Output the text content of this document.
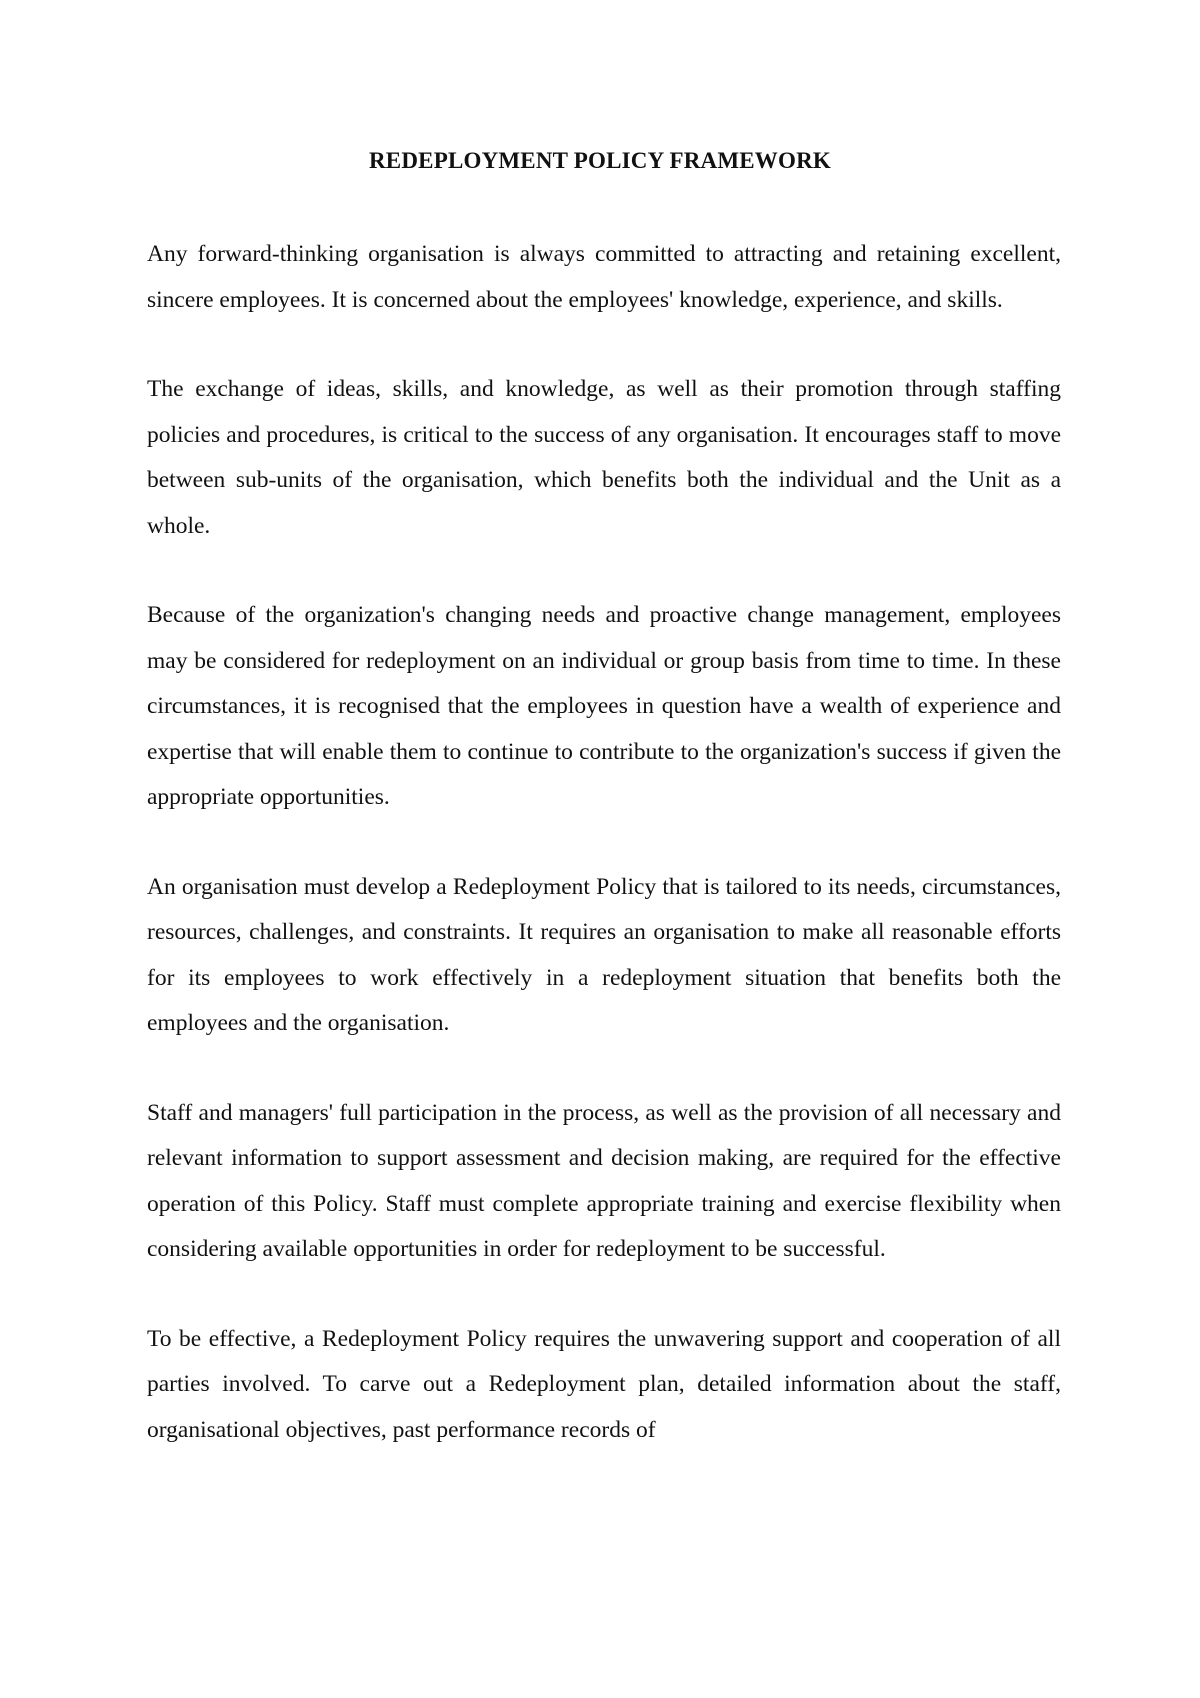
REDEPLOYMENT POLICY FRAMEWORK

Any forward-thinking organisation is always committed to attracting and retaining excellent, sincere employees. It is concerned about the employees' knowledge, experience, and skills.

The exchange of ideas, skills, and knowledge, as well as their promotion through staffing policies and procedures, is critical to the success of any organisation. It encourages staff to move between sub-units of the organisation, which benefits both the individual and the Unit as a whole.

Because of the organization's changing needs and proactive change management, employees may be considered for redeployment on an individual or group basis from time to time. In these circumstances, it is recognised that the employees in question have a wealth of experience and expertise that will enable them to continue to contribute to the organization's success if given the appropriate opportunities.

An organisation must develop a Redeployment Policy that is tailored to its needs, circumstances, resources, challenges, and constraints. It requires an organisation to make all reasonable efforts for its employees to work effectively in a redeployment situation that benefits both the employees and the organisation.

Staff and managers' full participation in the process, as well as the provision of all necessary and relevant information to support assessment and decision making, are required for the effective operation of this Policy. Staff must complete appropriate training and exercise flexibility when considering available opportunities in order for redeployment to be successful.

To be effective, a Redeployment Policy requires the unwavering support and cooperation of all parties involved. To carve out a Redeployment plan, detailed information about the staff, organisational objectives, past performance records of
